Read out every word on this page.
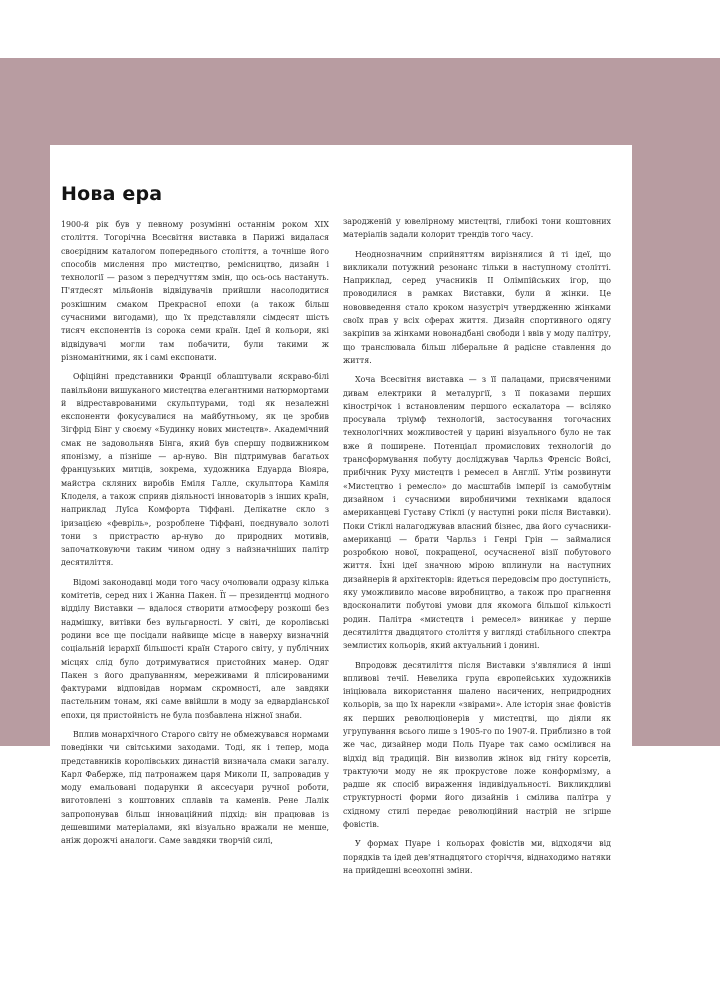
Нова ера

1900-й рік був у певному розумінні останнім роком XIX століття. Тогорічна Всесвітня виставка в Парижі видалася своєрідним каталогом попереднього століття, а точніше його способів мислення про мистецтво, ремісництво, дизайн і технології — разом з передчуттям змін, що ось-ось настануть. П'ятдесят мільйонів відвідувачів прийшли насолодитися розкішним смаком Прекрасної епохи (а також більш сучасними вигодами), що їх представляли сімдесят шість тисяч експонентів із сорока семи країн. Ідеї й кольори, які відвідувачі могли там побачити, були такими ж різноманітними, як і самі експонати.

Офіційні представники Франції облаштували яскраво-білі павільйони вишуканого мистецтва елегантними натюрмортами й відреставрованими скульптурами, тоді як незалежні експоненти фокусувалися на майбутньому, як це зробив Зігфрід Бінг у своєму «Будинку нових мистецтв». Академічний смак не задовольняв Бінга, який був спершу подвижником японізму, а пізніше — ар-нуво. Він підтримував багатьох французьких митців, зокрема, художника Едуарда Віояра, майстра скляних виробів Еміля Галле, скульптора Каміля Клоделя, а також сприяв діяльності інноваторів з інших країн, наприклад Луїса Комфорта Тіффані. Делікатне скло з іризацією «февріль», розроблене Тіффані, поєднувало золоті тони з пристрастю ар-нуво до природних мотивів, започатковуючи таким чином одну з найзначніших палітр десятиліття.

Відомі законодавці моди того часу очолювали одразу кілька комітетів, серед них і Жанна Пакен. Її — президентці модного відділу Виставки — вдалося створити атмосферу розкоші без надмішку, витівки без вульгарності. У світі, де королівські родини все ще посідали найвище місце в наверху визначній соціальній ієрархії більшості країн Старого світу, у публічних місцях слід було дотримуватися пристойних манер. Одяг Пакен з його драпуванням, мереживами й плісированими фактурами відповідав нормам скромності, але завдяки пастельним тонам, які саме ввійшли в моду за едвардіанської епохи, ця пристойність не була позбавлена ніжної знаби.

Вплив монархічного Старого світу не обмежувався нормами поведінки чи світськими заходами. Тоді, як і тепер, мода представників королівських династій визначала смаки загалу. Карл Фаберже, під патронажем царя Миколи II, запровадив у моду емальовані подарунки й аксесуари ручної роботи, виготовлені з коштовних сплавів та каменів. Рене Лалік запропонував більш інноваційний підхід: він працював із дешевшими матеріалами, які візуально вражали не менше, аніж дорожчі аналоги. Саме завдяки творчій силі,

зародженій у ювелірному мистецтві, глибокі тони коштовних матеріалів задали колорит трендів того часу.

Неоднозначним сприйняттям вирізнялися й ті ідеї, що викликали потужний резонанс тільки в наступному столітті. Наприклад, серед учасників II Олімпійських ігор, що проводилися в рамках Виставки, були й жінки. Це нововведення стало кроком назустріч утвердженню жінками своїх прав у всіх сферах життя. Дизайн спортивного одягу закріпив за жінками новонадбані свободи і ввів у моду палітру, що транслювала більш ліберальне й радісне ставлення до життя.

Хоча Всесвітня виставка — з її палацами, присвяченими дивам електрики й металургії, з її показами перших кінострічок і встановленим першого ескалатора — всіляко просувала тріумф технологій, застосування тогочасних технологічних можливостей у царині візуального було не так вже й поширене. Потенціал промислових технологій до трансформування побуту досліджував Чарльз Френсіс Войсі, прибічник Руху мистецтв і ремесел в Англії. Утім розвинути «Мистецтво і ремесло» до масштабів імперії із самобутнім дизайном і сучасними виробничими техніками вдалося американцеві Густаву Стіклі (у наступні роки після Виставки). Поки Стіклі налагоджував власний бізнес, два його сучасники-американці — брати Чарльз і Генрі Грін — займалися розробкою нової, покращеної, осучасненої візії побутового життя. Їхні ідеї значною мірою вплинули на наступних дизайнерів й архітекторів: йдеться передовсім про доступність, яку уможливило масове виробництво, а також про прагнення вдосконалити побутові умови для якомога більшої кількості родин. Палітра «мистецтв і ремесел» виникає у перше десятиліття двадцятого століття у вигляді стабільного спектра землистих кольорів, який актуальний і донині.

Впродовж десятиліття після Виставки з'являлися й інші впливові течії. Невелика група європейських художників ініціювала використання шалено насичених, непридродних кольорів, за що їх нарекли «звірами». Але історія знає фовістів як перших революціонерів у мистецтві, що діяли як угрупування всього лише з 1905-го по 1907-й. Приблизно в той же час, дизайнер моди Поль Пуаре так само осмілився на відхід від традицій. Він визволив жінок від гніту корсетів, трактуючи моду не як прокрустове ложе конформізму, а радше як спосіб вираження індивідуальності. Викликдливі структурності форми його дизайнів і смілива палітра у східному стилі передає революційний настрій не згірше фовістів.

У формах Пуаре і кольорах фовістів ми, відходячи від порядків та ідей дев'ятнадцятого сторіччя, віднаходимо натяки на прийдешні всеохопні зміни.
